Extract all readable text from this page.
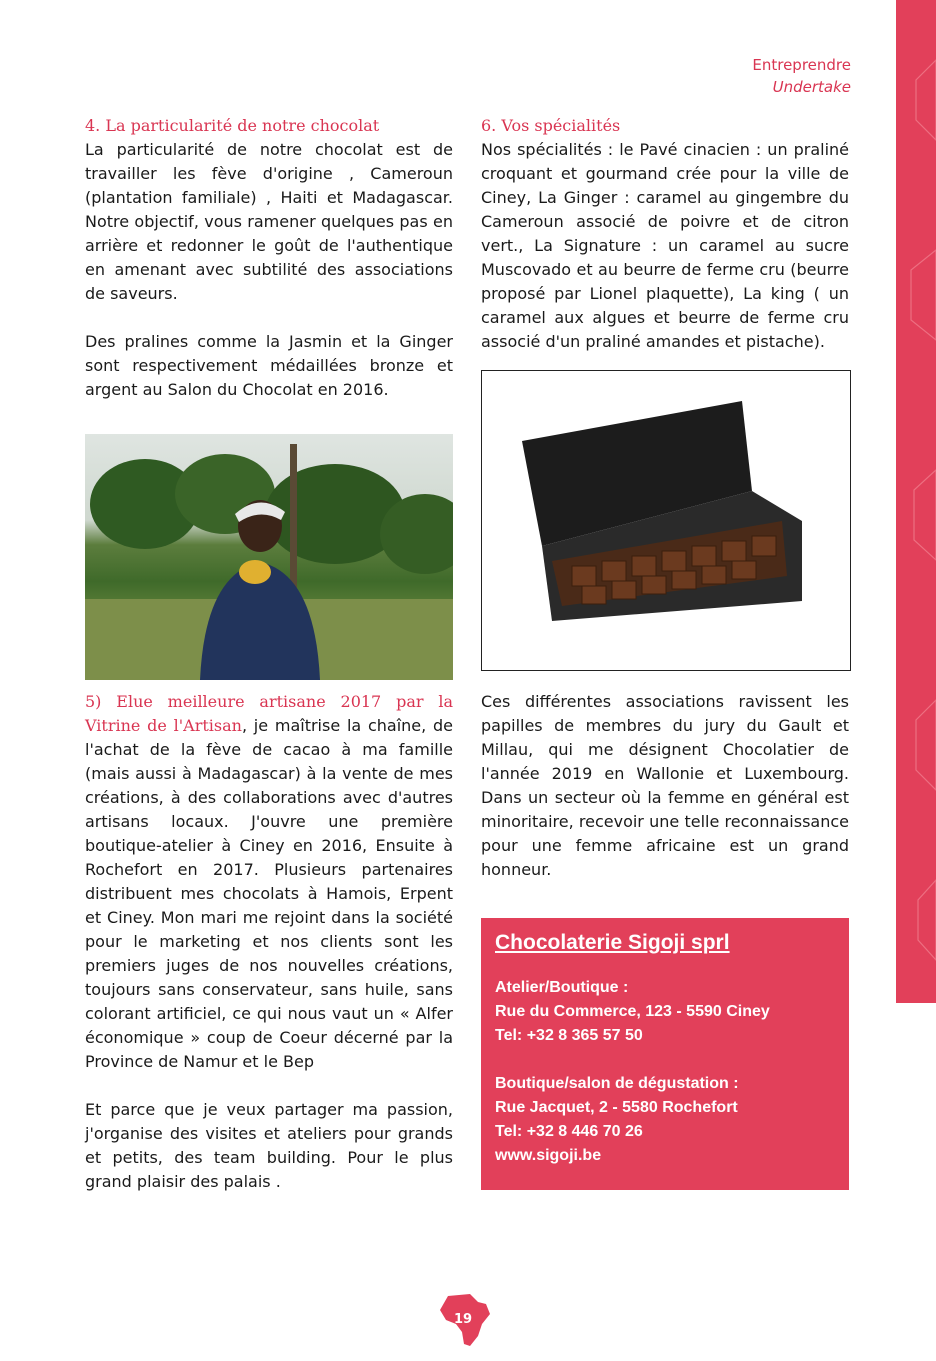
Entreprendre
Undertake
4. La particularité de notre chocolat

La particularité de notre chocolat est de travailler les fève d'origine , Cameroun (plantation familiale) , Haiti et Madagascar. Notre objectif, vous ramener quelques pas en arrière et redonner le goût de l'authentique en amenant avec subtilité des associations de saveurs.

Des pralines comme la Jasmin et la Ginger sont respectivement médaillées bronze et argent au Salon du Chocolat en 2016.

5) Elue meilleure artisane 2017 par la Vitrine de l'Artisan, je maîtrise la chaîne, de l'achat de la fève de cacao à ma famille (mais aussi à Madagascar) à la vente de mes créations, à des collaborations avec d'autres artisans locaux. J'ouvre une première boutique-atelier à Ciney en 2016, Ensuite à Rochefort en 2017. Plusieurs partenaires distribuent mes chocolats à Hamois, Erpent et Ciney. Mon mari me rejoint dans la société pour le marketing et nos clients sont les premiers juges de nos nouvelles créations, toujours sans conservateur, sans huile, sans colorant artificiel, ce qui nous vaut un « Alfer économique » coup de Coeur décerné par la Province de Namur et le Bep

Et parce que je veux partager ma passion, j'organise des visites et ateliers pour grands et petits, des team building. Pour le plus grand plaisir des palais .

6. Vos spécialités

Nos spécialités : le Pavé cinacien : un praliné croquant et gourmand crée pour la ville de Ciney, La Ginger : caramel au gingembre du Cameroun associé de poivre et de citron vert., La Signature : un caramel au sucre Muscovado et au beurre de ferme cru (beurre proposé par Lionel plaquette), La king ( un caramel aux algues et beurre de ferme cru associé d'un praliné amandes et pistache).

Ces différentes associations ravissent les papilles de membres du jury du Gault et Millau, qui me désignent Chocolatier de l'année 2019 en Wallonie et Luxembourg. Dans un secteur où la femme en général est minoritaire, recevoir une telle reconnaissance pour une femme africaine est un grand honneur.

Chocolaterie Sigoji sprl
Atelier/Boutique :
Rue du Commerce, 123 - 5590 Ciney
Tel: +32 8 365 57 50
Boutique/salon de dégustation :
Rue Jacquet, 2 - 5580 Rochefort
Tel: +32 8 446 70 26
www.sigoji.be
19
